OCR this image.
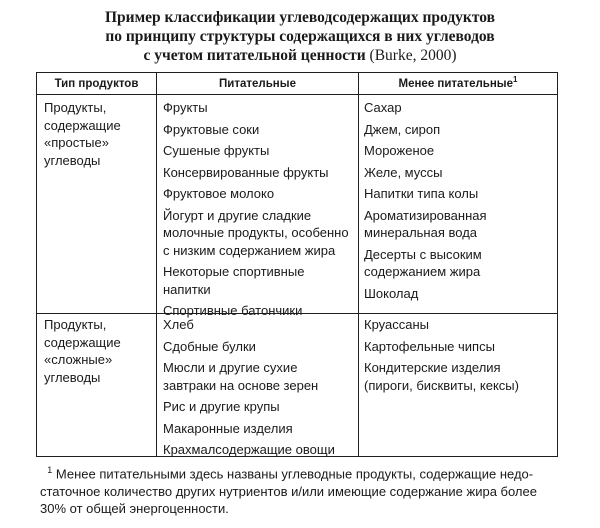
Пример классификации углеводсодержащих продуктов
по принципу структуры содержащихся в них углеводов
с учетом питательной ценности (Burke, 2000)
Тип продуктов	Питательные	Менее питательные$^1$
Продукты,
содержащие
«простые»
углеводы
Фрукты
Фруктовые соки
Сушеные фрукты
Консервированные фрукты
Фруктовое молоко
Йогурт и другие сладкие
молочные продукты, особенно
с низким содержанием жира
Некоторые спортивные
напитки
Спортивные батончики
Сахар
Джем, сироп
Мороженое
Желе, муссы
Напитки типа колы
Ароматизированная
минеральная вода
Десерты с высоким
содержанием жира
Шоколад
Продукты,
содержащие
«сложные»
углеводы
Хлеб
Сдобные булки
Мюсли и другие сухие
завтраки на основе зерен
Рис и другие крупы
Макаронные изделия
Крахмалсодержащие овощи
Круассаны
Картофельные чипсы
Кондитерские изделия
(пироги, бисквиты, кексы)
$^1$ Менее питательными здесь названы углеводные продукты, содержащие недо-
статочное количество других нутриентов и/или имеющие содержание жира более
30% от общей энергоценности.
